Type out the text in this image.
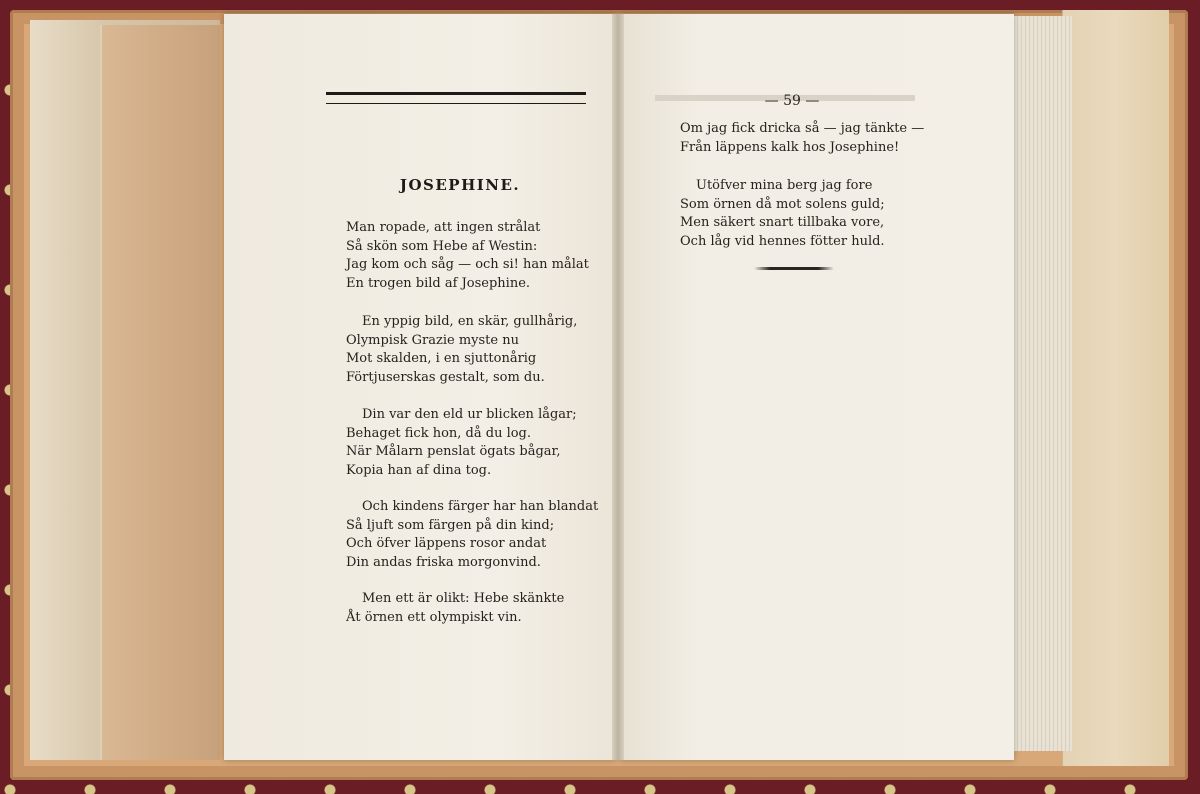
JOSEPHINE.
Man ropade, att ingen strålat
Så skön som Hebe af Westin:
Jag kom och såg — och si! han målat
En trogen bild af Josephine.
En yppig bild, en skär, gullhårig,
Olympisk Grazie myste nu
Mot skalden, i en sjuttonårig
Förtjuserskas gestalt, som du.
Din var den eld ur blicken lågar;
Behaget fick hon, då du log.
När Målarn penslat ögats bågar,
Kopia han af dina tog.
Och kindens färger har han blandat
Så ljuft som färgen på din kind;
Och öfver läppens rosor andat
Din andas friska morgonvind.
Men ett är olikt: Hebe skänkte
Åt örnen ett olympiskt vin.
— 59 —
Om jag fick dricka så — jag tänkte —
Från läppens kalk hos Josephine!
Utöfver mina berg jag fore
Som örnen då mot solens guld;
Men säkert snart tillbaka vore,
Och låg vid hennes fötter huld.
